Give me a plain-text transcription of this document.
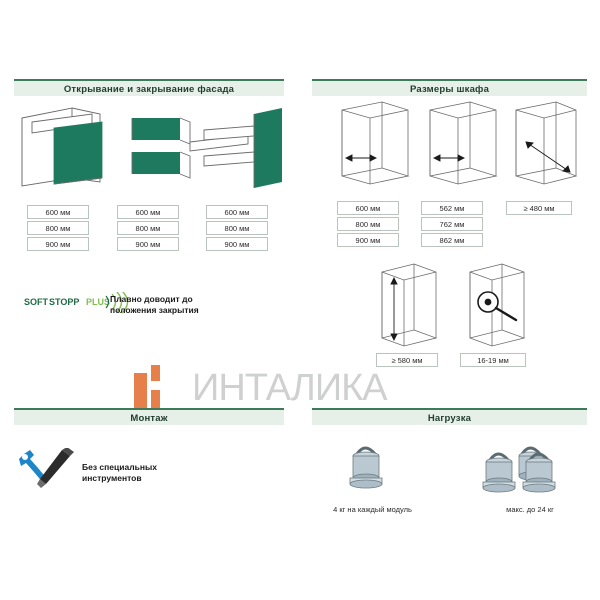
Открывание и закрывание фасада	Размеры шкафа
600 мм
800 мм
900 мм
600 мм
800 мм
900 мм
600 мм
800 мм
900 мм
SOFT STOPP PLUS Плавно доводит до
положения закрытия
600 мм
800 мм
900 мм
562 мм
762 мм
862 мм
≥ 480 мм
≥ 580 мм	16-19 мм
ИНТАЛИКА
Монтаж	Нагрузка
Без специальных
инструментов
4 кг на каждый модуль	макс. до 24 кг
